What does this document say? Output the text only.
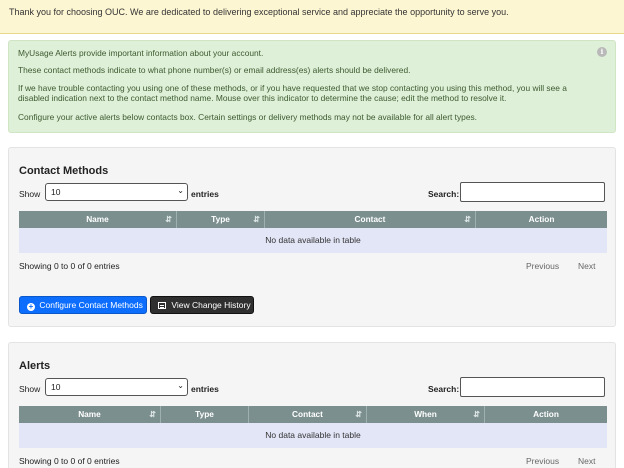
Thank you for choosing OUC. We are dedicated to delivering exceptional service and appreciate the opportunity to serve you.

MyUsage Alerts provide important information about your account.

These contact methods indicate to what phone number(s) or email address(es) alerts should be delivered.

If we have trouble contacting you using one of these methods, or if you have requested that we stop contacting you using this method, you will see a disabled indication next to the contact method name. Mouse over this indicator to determine the cause; edit the method to resolve it.

Configure your active alerts below contacts box. Certain settings or delivery methods may not be available for all alert types.

i
Contact Methods
Show	10	⌄ entries	Search:
Name	⇵	Type	⇵	Contact	⇵	Action
No data available in table
Showing 0 to 0 of 0 entries	Previous Next
+ Configure Contact Methods	View Change History
Alerts
Show	10	⌄ entries	Search:
Name	⇵	Type	Contact	⇵	When	⇵	Action
No data available in table
Showing 0 to 0 of 0 entries	Previous Next
